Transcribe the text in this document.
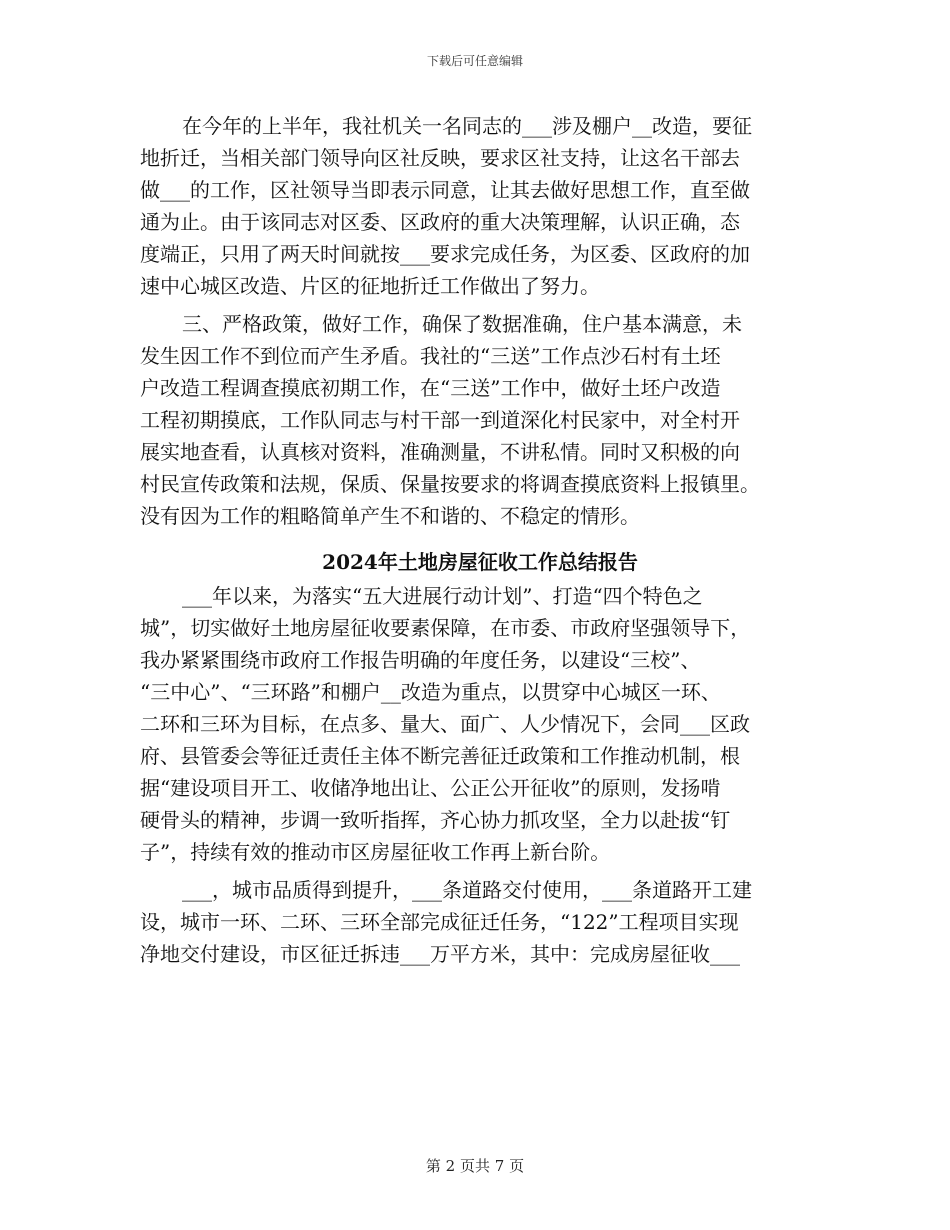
下载后可任意编辑
在今年的上半年，我社机关一名同志的___涉及棚户__改造，要征
地折迁，当相关部门领导向区社反映，要求区社支持，让这名干部去
做___的工作，区社领导当即表示同意，让其去做好思想工作，直至做
通为止。由于该同志对区委、区政府的重大决策理解，认识正确，态
度端正，只用了两天时间就按___要求完成任务，为区委、区政府的加
速中心城区改造、片区的征地折迁工作做出了努力。
三、严格政策，做好工作，确保了数据准确，住户基本满意，未
发生因工作不到位而产生矛盾。我社的“三送”工作点沙石村有土坯
户改造工程调查摸底初期工作，在“三送”工作中，做好土坯户改造
工程初期摸底，工作队同志与村干部一到道深化村民家中，对全村开
展实地查看，认真核对资料，准确测量，不讲私情。同时又积极的向
村民宣传政策和法规，保质、保量按要求的将调查摸底资料上报镇里。
没有因为工作的粗略简单产生不和谐的、不稳定的情形。
2024年土地房屋征收工作总结报告
___年以来，为落实“五大进展行动计划”、打造“四个特色之
城”，切实做好土地房屋征收要素保障，在市委、市政府坚强领导下，
我办紧紧围绕市政府工作报告明确的年度任务，以建设“三校”、
“三中心”、“三环路”和棚户__改造为重点，以贯穿中心城区一环、
二环和三环为目标，在点多、量大、面广、人少情况下，会同___区政
府、县管委会等征迁责任主体不断完善征迁政策和工作推动机制，根
据“建设项目开工、收储净地出让、公正公开征收”的原则，发扬啃
硬骨头的精神，步调一致听指挥，齐心协力抓攻坚，全力以赴拔“钉
子”，持续有效的推动市区房屋征收工作再上新台阶。
___，城市品质得到提升，___条道路交付使用，___条道路开工建
设，城市一环、二环、三环全部完成征迁任务，“122”工程项目实现
净地交付建设，市区征迁拆违___万平方米，其中：完成房屋征收___
第 2 页共 7 页
